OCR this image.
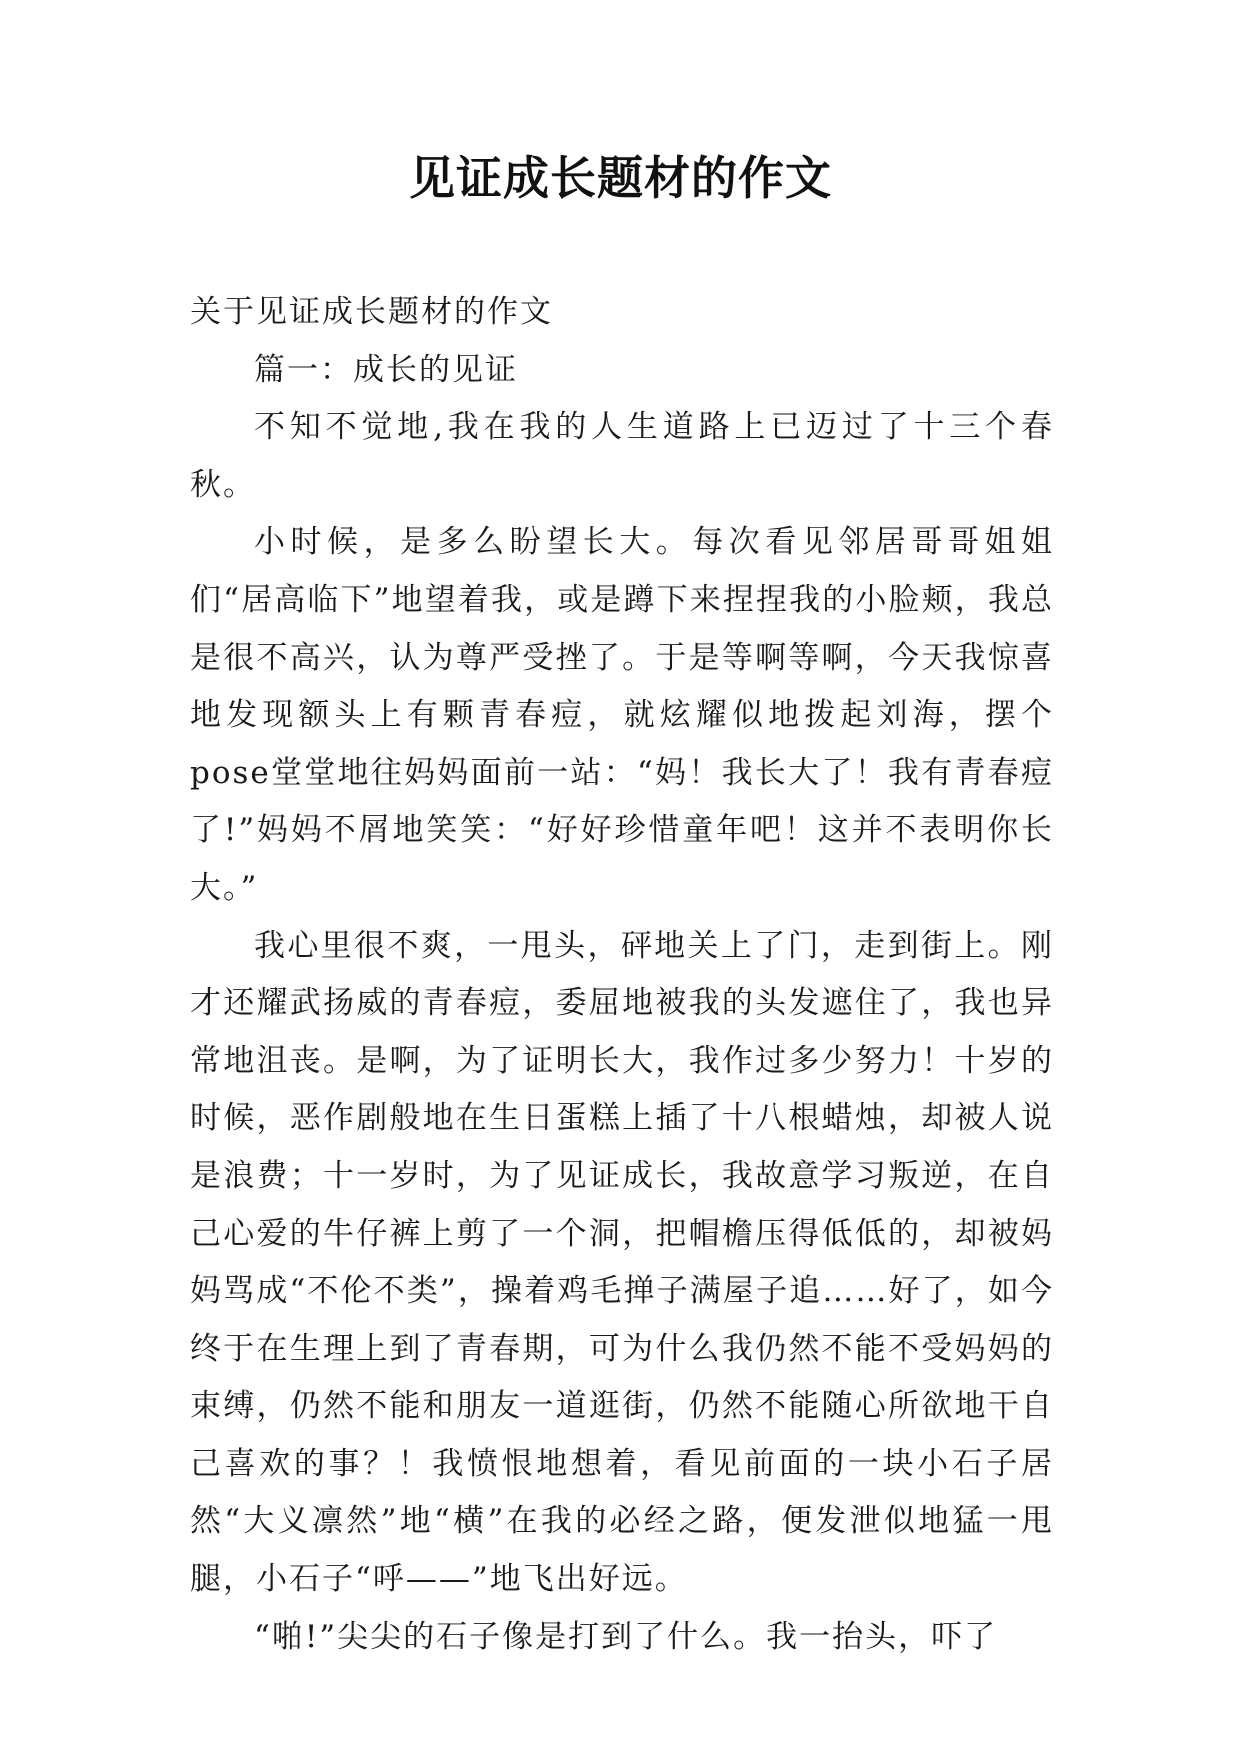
见证成长题材的作文

关于见证成长题材的作文

篇一：成长的见证

不知不觉地,我在我的人生道路上已迈过了十三个春秋。

小时候，是多么盼望长大。每次看见邻居哥哥姐姐们“居高临下”地望着我，或是蹲下来捏捏我的小脸颊，我总是很不高兴，认为尊严受挫了。于是等啊等啊，今天我惊喜地发现额头上有颗青春痘，就炫耀似地拨起刘海，摆个pose堂堂地往妈妈面前一站：“妈！我长大了！我有青春痘了!”妈妈不屑地笑笑：“好好珍惜童年吧！这并不表明你长大。”

我心里很不爽，一甩头，砰地关上了门，走到街上。刚才还耀武扬威的青春痘，委屈地被我的头发遮住了，我也异常地沮丧。是啊，为了证明长大，我作过多少努力！十岁的时候，恶作剧般地在生日蛋糕上插了十八根蜡烛，却被人说是浪费；十一岁时，为了见证成长，我故意学习叛逆，在自己心爱的牛仔裤上剪了一个洞，把帽檐压得低低的，却被妈妈骂成“不伦不类”，操着鸡毛掸子满屋子追……好了，如今终于在生理上到了青春期，可为什么我仍然不能不受妈妈的束缚，仍然不能和朋友一道逛街，仍然不能随心所欲地干自己喜欢的事？！我愤恨地想着，看见前面的一块小石子居然“大义凛然”地“横”在我的必经之路，便发泄似地猛一甩腿，小石子“呼——”地飞出好远。

“啪!”尖尖的石子像是打到了什么。我一抬头，吓了
